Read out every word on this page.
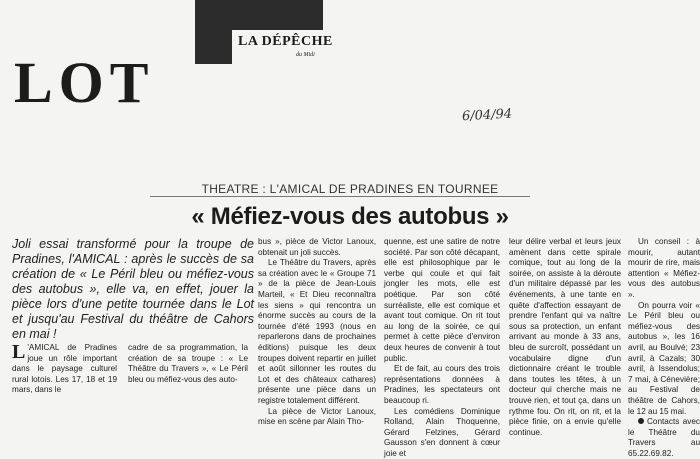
LA DÉPÊCHE
du Midi
LOT
6/04/94
THEATRE : L'AMICAL DE PRADINES EN TOURNEE
« Méfiez-vous des autobus »

Joli essai transformé pour la troupe de Pradines, l'AMICAL : après le succès de sa création de « Le Péril bleu ou méfiez-vous des autobus », elle va, en effet, jouer la pièce lors d'une petite tournée dans le Lot et jusqu'au Festival du théâtre de Cahors en mai !

L 'AMICAL de Pradines joue un rôle important dans le paysage culturel rural lotois. Les 17, 18 et 19 mars, dans le

cadre de sa programmation, la création de sa troupe : « Le Théâtre du Travers », « Le Péril bleu ou méfiez-vous des auto-

bus », pièce de Victor Lanoux, obtenait un joli succès.

Le Théâtre du Travers, après sa création avec le « Groupe 71 » de la pièce de Jean-Louis Marteil, « Et Dieu reconnaîtra les siens » qui rencontra un énorme succès au cours de la tournée d'été 1993 (nous en reparlerons dans de prochaines éditions) puisque les deux troupes doivent repartir en juillet et août sillonner les routes du Lot et des châteaux cathares) présente une pièce dans un registre totalement différent.

La pièce de Victor Lanoux, mise en scène par Alain Tho-

quenne, est une satire de notre société. Par son côté décapant, elle est philosophique par le verbe qui coule et qui fait jongler les mots, elle est poétique. Par son côté surréaliste, elle est comique et avant tout comique. On rit tout au long de la soirée, ce qui permet à cette pièce d'environ deux heures de convenir à tout public.

Et de fait, au cours des trois représentations données à Pradines, les spectateurs ont beaucoup ri.

Les comédiens Dominique Rolland, Alain Thoquenne, Gérard Felzines, Gérard Gausson s'en donnent à cœur joie et

leur délire verbal et leurs jeux amènent dans cette spirale comique, tout au long de la soirée, on assiste à la déroute d'un militaire dépassé par les événements, à une tante en quête d'affection essayant de prendre l'enfant qui va naître sous sa protection, un enfant arrivant au monde à 33 ans, bleu de surcroît, possédant un vocabulaire digne d'un dictionnaire créant le trouble dans toutes les têtes, à un docteur qui cherche mais ne trouve rien, et tout ça, dans un rythme fou. On rit, on rit, et la pièce finie, on a envie qu'elle continue.

Un conseil : à mourir, autant mourir de rire, mais attention « Méfiez-vous des autobus ».

On pourra voir « Le Péril bleu ou méfiez-vous des autobus », les 16 avril, au Boulvé; 23 avril, à Cazals; 30 avril, à Issendolus; 7 mai, à Cénevière; au Festival de théâtre de Cahors, le 12 au 15 mai.

Contacts avec le Théâtre du Travers au 65.22.69.82.
